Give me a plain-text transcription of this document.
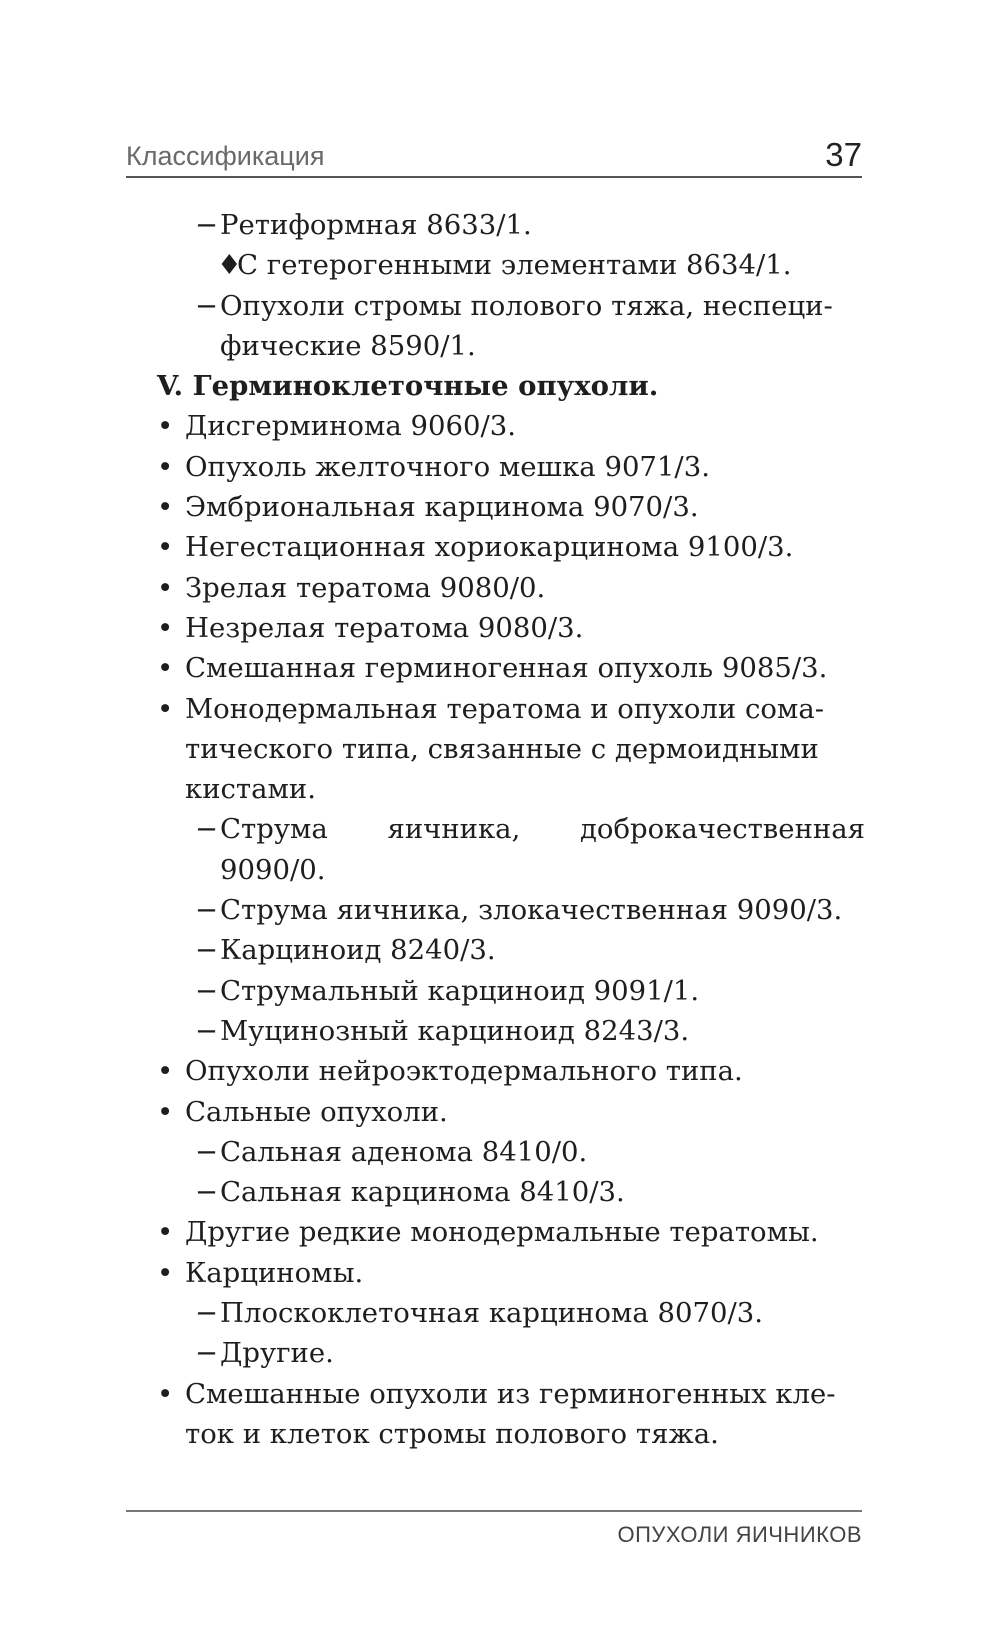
Классификация	37
− Ретиформная 8633/1.
♦
С гетерогенными элементами 8634/1.
− Опухоли стромы полового тяжа, неспеци-
фические 8590/1.
V. Герминоклеточные опухоли.
• Дисгерминома 9060/3.
• Опухоль желточного мешка 9071/3.
• Эмбриональная карцинома 9070/3.
• Негестационная хориокарцинома 9100/3.
• Зрелая тератома 9080/0.
• Незрелая тератома 9080/3.
• Смешанная герминогенная опухоль 9085/3.
• Монодермальная тератома и опухоли сома-
тического типа, связанные с дермоидными
кистами.
− Струма яичника, доброкачественная
9090/0.
− Струма яичника, злокачественная 9090/3.
− Карциноид 8240/3.
− Струмальный карциноид 9091/1.
− Муцинозный карциноид 8243/3.
• Опухоли нейроэктодермального типа.
• Сальные опухоли.
− Сальная аденома 8410/0.
− Сальная карцинома 8410/3.
• Другие редкие монодермальные тератомы.
• Карциномы.
− Плоскоклеточная карцинома 8070/3.
− Другие.
• Смешанные опухоли из герминогенных кле-
ток и клеток стромы полового тяжа.
ОПУХОЛИ ЯИЧНИКОВ
